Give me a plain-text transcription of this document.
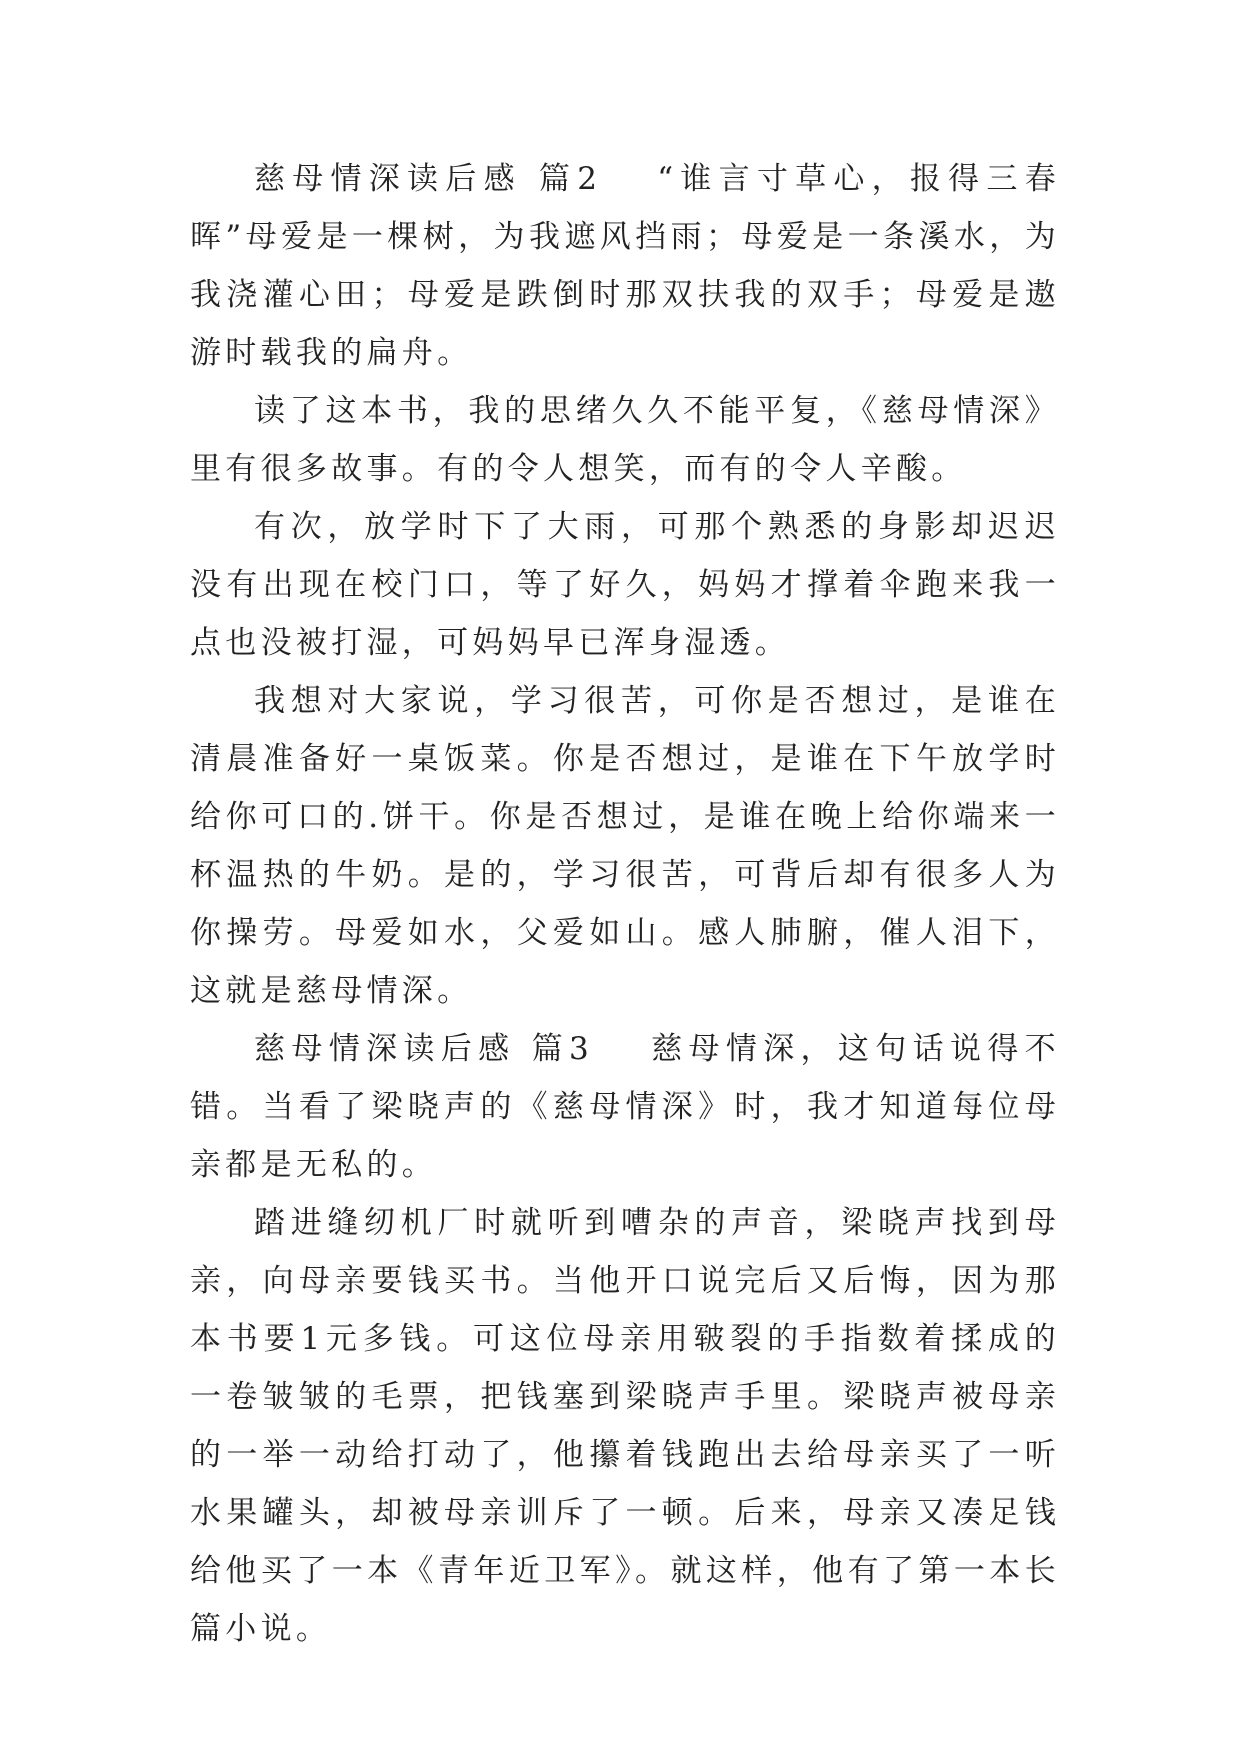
慈母情深读后感 篇2 “谁言寸草心，报得三春晖”母爱是一棵树，为我遮风挡雨；母爱是一条溪水，为我浇灌心田；母爱是跌倒时那双扶我的双手；母爱是遨游时载我的扁舟。

读了这本书，我的思绪久久不能平复，《慈母情深》里有很多故事。有的令人想笑，而有的令人辛酸。

有次，放学时下了大雨，可那个熟悉的身影却迟迟没有出现在校门口，等了好久，妈妈才撑着伞跑来我一点也没被打湿，可妈妈早已浑身湿透。

我想对大家说，学习很苦，可你是否想过，是谁在清晨准备好一桌饭菜。你是否想过，是谁在下午放学时给你可口的.饼干。你是否想过，是谁在晚上给你端来一杯温热的牛奶。是的，学习很苦，可背后却有很多人为你操劳。母爱如水，父爱如山。感人肺腑，催人泪下，这就是慈母情深。

慈母情深读后感 篇3 慈母情深，这句话说得不错。当看了梁晓声的《慈母情深》时，我才知道每位母亲都是无私的。

踏进缝纫机厂时就听到嘈杂的声音，梁晓声找到母亲，向母亲要钱买书。当他开口说完后又后悔，因为那本书要1元多钱。可这位母亲用皲裂的手指数着揉成的一卷皱皱的毛票，把钱塞到梁晓声手里。梁晓声被母亲的一举一动给打动了，他攥着钱跑出去给母亲买了一听水果罐头，却被母亲训斥了一顿。后来，母亲又凑足钱给他买了一本《青年近卫军》。就这样，他有了第一本长篇小说。
